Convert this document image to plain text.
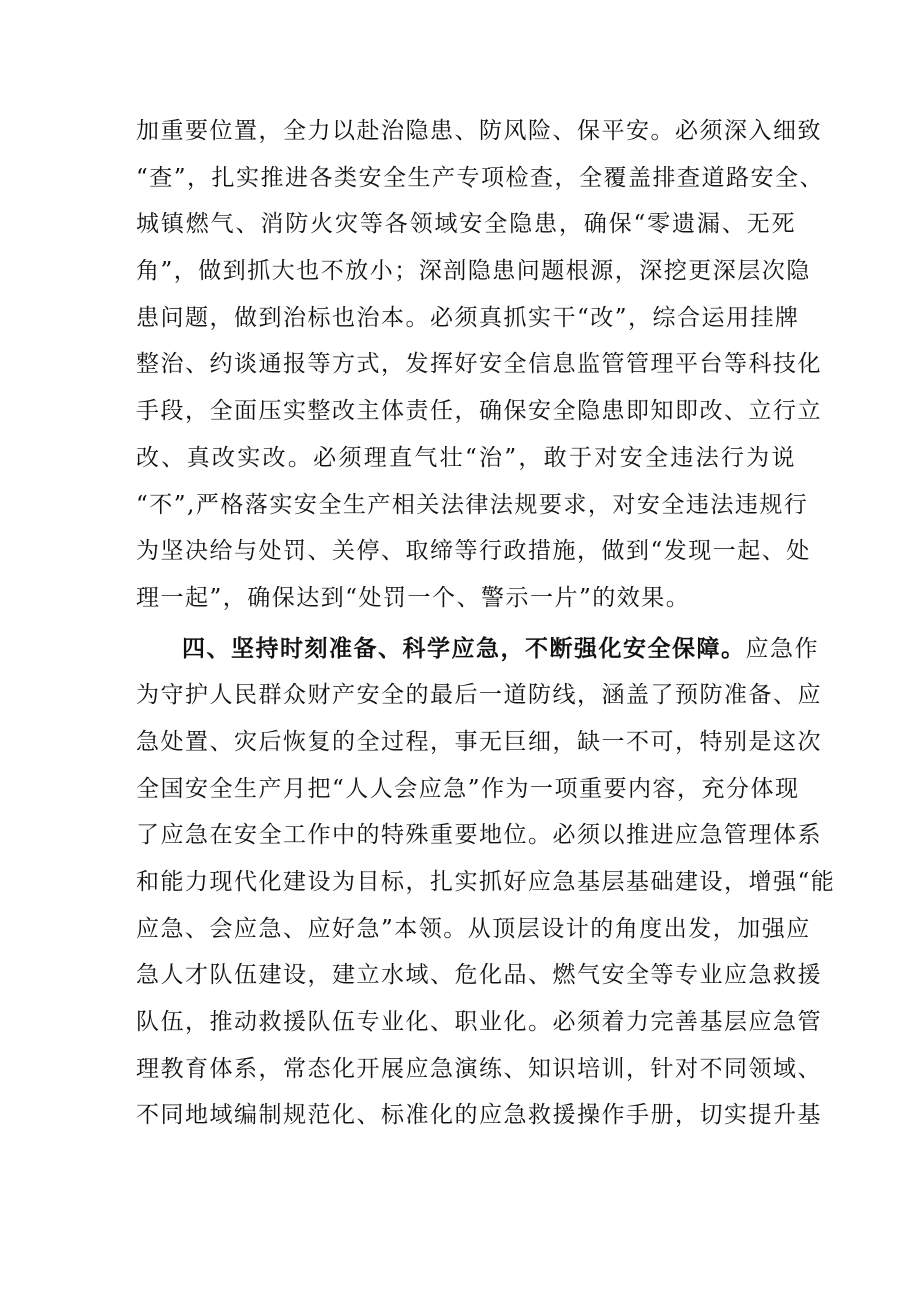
加重要位置，全力以赴治隐患、防风险、保平安。必须深入细致
“查”，扎实推进各类安全生产专项检查，全覆盖排查道路安全、
城镇燃气、消防火灾等各领域安全隐患，确保“零遗漏、无死
角”，做到抓大也不放小；深剖隐患问题根源，深挖更深层次隐
患问题，做到治标也治本。必须真抓实干“改”，综合运用挂牌
整治、约谈通报等方式，发挥好安全信息监管管理平台等科技化
手段，全面压实整改主体责任，确保安全隐患即知即改、立行立
改、真改实改。必须理直气壮“治”，敢于对安全违法行为说
“不”,严格落实安全生产相关法律法规要求，对安全违法违规行
为坚决给与处罚、关停、取缔等行政措施，做到“发现一起、处
理一起”，确保达到“处罚一个、警示一片”的效果。
四、坚持时刻准备、科学应急，不断强化安全保障。应急作
为守护人民群众财产安全的最后一道防线，涵盖了预防准备、应
急处置、灾后恢复的全过程，事无巨细，缺一不可，特别是这次
全国安全生产月把“人人会应急”作为一项重要内容，充分体现
了应急在安全工作中的特殊重要地位。必须以推进应急管理体系
和能力现代化建设为目标，扎实抓好应急基层基础建设，增强“能
应急、会应急、应好急”本领。从顶层设计的角度出发，加强应
急人才队伍建设，建立水域、危化品、燃气安全等专业应急救援
队伍，推动救援队伍专业化、职业化。必须着力完善基层应急管
理教育体系，常态化开展应急演练、知识培训，针对不同领域、
不同地域编制规范化、标准化的应急救援操作手册，切实提升基
